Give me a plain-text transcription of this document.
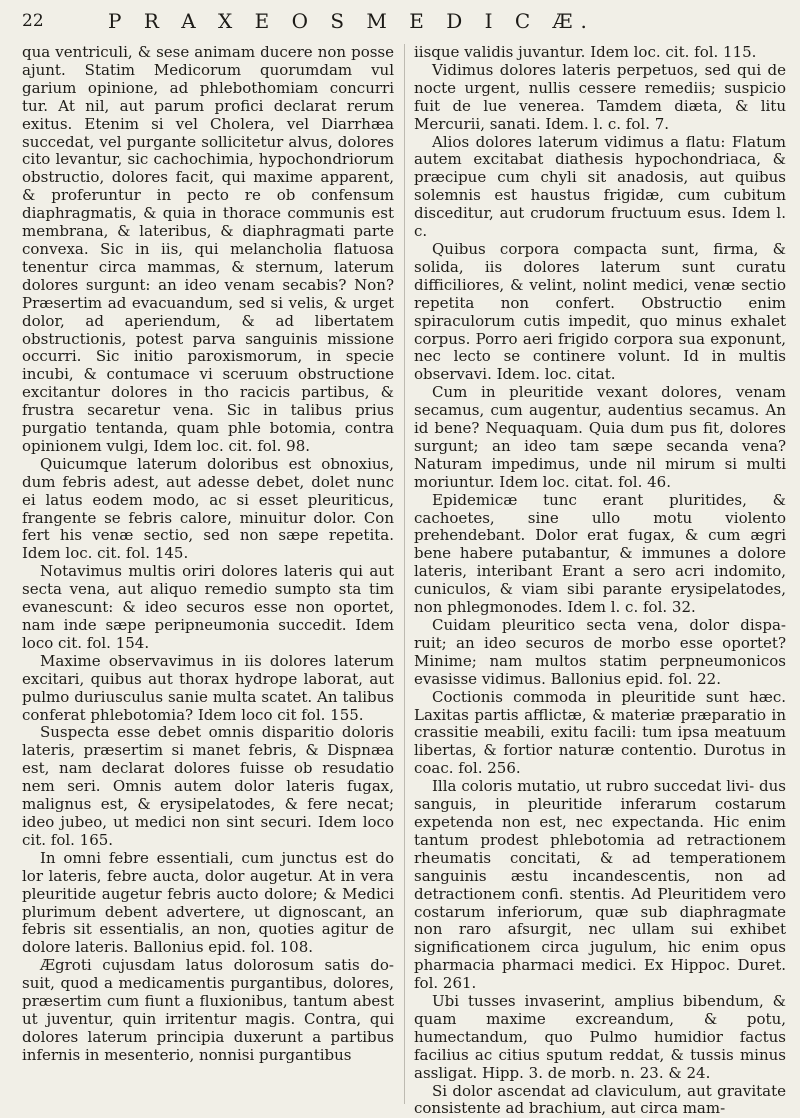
22	P R A X E O S M E D I C Æ.

qua ventriculi, & sese animam ducere non posse ajunt. Statim Medicorum quorumdam vul garium opinione, ad phlebothomiam concurri tur. At nil, aut parum profici declarat rerum exitus. Etenim si vel Cholera, vel Diarrhæa succedat, vel purgante sollicitetur alvus, dolores cito levantur, sic cachochimia, hypochondriorum obstructio, dolores facit, qui maxime apparent, & proferuntur in pecto re ob confensum diaphragmatis, & quia in thorace communis est membrana, & lateribus, & diaphragmati parte convexa. Sic in iis, qui melancholia flatuosa tenentur circa mammas, & sternum, laterum dolores surgunt: an ideo venam secabis? Non? Præsertim ad evacuandum, sed si velis, & urget dolor, ad aperiendum, & ad libertatem obstructionis, potest parva sanguinis missione occurri. Sic initio paroxismorum, in specie incubi, & contumace vi sceruum obstructione excitantur dolores in tho racicis partibus, & frustra secaretur vena. Sic in talibus prius purgatio tentanda, quam phle botomia, contra opinionem vulgi, Idem loc. cit. fol. 98.

Quicumque laterum doloribus est obnoxius, dum febris adest, aut adesse debet, dolet nunc ei latus eodem modo, ac si esset pleuriticus, frangente se febris calore, minuitur dolor. Con fert his venæ sectio, sed non sæpe repetita. Idem loc. cit. fol. 145.

Notavimus multis oriri dolores lateris qui aut secta vena, aut aliquo remedio sumpto sta tim evanescunt: & ideo securos esse non oportet, nam inde sæpe peripneumonia succedit. Idem loco cit. fol. 154.

Maxime observavimus in iis dolores laterum excitari, quibus aut thorax hydrope laborat, aut pulmo duriusculus sanie multa scatet. An talibus conferat phlebotomia? Idem loco cit fol. 155.

Suspecta esse debet omnis disparitio doloris lateris, præsertim si manet febris, & Dispnæa est, nam declarat dolores fuisse ob resudatio nem seri. Omnis autem dolor lateris fugax, malignus est, & erysipelatodes, & fere necat; ideo jubeo, ut medici non sint securi. Idem loco cit. fol. 165.

In omni febre essentiali, cum junctus est do lor lateris, febre aucta, dolor augetur. At in vera pleuritide augetur febris aucto dolore; & Medici plurimum debent advertere, ut dignoscant, an febris sit essentialis, an non, quoties agitur de dolore lateris. Ballonius epid. fol. 108.

Ægroti cujusdam latus dolorosum satis do- suit, quod a medicamentis purgantibus, dolores, præsertim cum fiunt a fluxionibus, tantum abest ut juventur, quin irritentur magis. Contra, qui dolores laterum principia duxerunt a partibus infernis in mesenterio, nonnisi purgantibus

iisque validis juvantur. Idem loc. cit. fol. 115.

Vidimus dolores lateris perpetuos, sed qui de nocte urgent, nullis cessere remediis; suspicio fuit de lue venerea. Tamdem diæta, & litu Mercurii, sanati. Idem. l. c. fol. 7.

Alios dolores laterum vidimus a flatu: Flatum autem excitabat diathesis hypochondriaca, & præcipue cum chyli sit anadosis, aut quibus solemnis est haustus frigidæ, cum cubitum disceditur, aut crudorum fructuum esus. Idem l. c.

Quibus corpora compacta sunt, firma, & solida, iis dolores laterum sunt curatu difficiliores, & velint, nolint medici, venæ sectio repetita non confert. Obstructio enim spiraculorum cutis impedit, quo minus exhalet corpus. Porro aeri frigido corpora sua exponunt, nec lecto se continere volunt. Id in multis observavi. Idem. loc. citat.

Cum in pleuritide vexant dolores, venam secamus, cum augentur, audentius secamus. An id bene? Nequaquam. Quia dum pus fit, dolores surgunt; an ideo tam sæpe secanda vena? Naturam impedimus, unde nil mirum si multi moriuntur. Idem loc. citat. fol. 46.

Epidemicæ tunc erant pluritides, & cachoetes, sine ullo motu violento prehendebant. Dolor erat fugax, & cum ægri bene habere putabantur, & immunes a dolore lateris, interibant Erant a sero acri indomito, cuniculos, & viam sibi parante erysipelatodes, non phlegmonodes. Idem l. c. fol. 32.

Cuidam pleuritico secta vena, dolor dispa- ruit; an ideo securos de morbo esse oportet? Minime; nam multos statim perpneumonicos evasisse vidimus. Ballonius epid. fol. 22.

Coctionis commoda in pleuritide sunt hæc. Laxitas partis afflictæ, & materiæ præparatio in crassitie meabili, exitu facili: tum ipsa meatuum libertas, & fortior naturæ contentio. Durotus in coac. fol. 256.

Illa coloris mutatio, ut rubro succedat livi- dus sanguis, in pleuritide inferarum costarum expetenda non est, nec expectanda. Hic enim tantum prodest phlebotomia ad retractionem rheumatis concitati, & ad temperationem sanguinis æstu incandescentis, non ad detractionem confi. stentis. Ad Pleuritidem vero costarum inferiorum, quæ sub diaphragmate non raro afsurgit, nec ullam sui exhibet significationem circa jugulum, hic enim opus pharmacia pharmaci medici. Ex Hippoc. Duret. fol. 261.

Ubi tusses invaserint, amplius bibendum, & quam maxime excreandum, & potu, humectandum, quo Pulmo humidior factus facilius ac citius sputum reddat, & tussis minus assligat. Hipp. 3. de morb. n. 23. & 24.

Si dolor ascendat ad claviculum, aut gravitate consistente ad brachium, aut circa mam-
